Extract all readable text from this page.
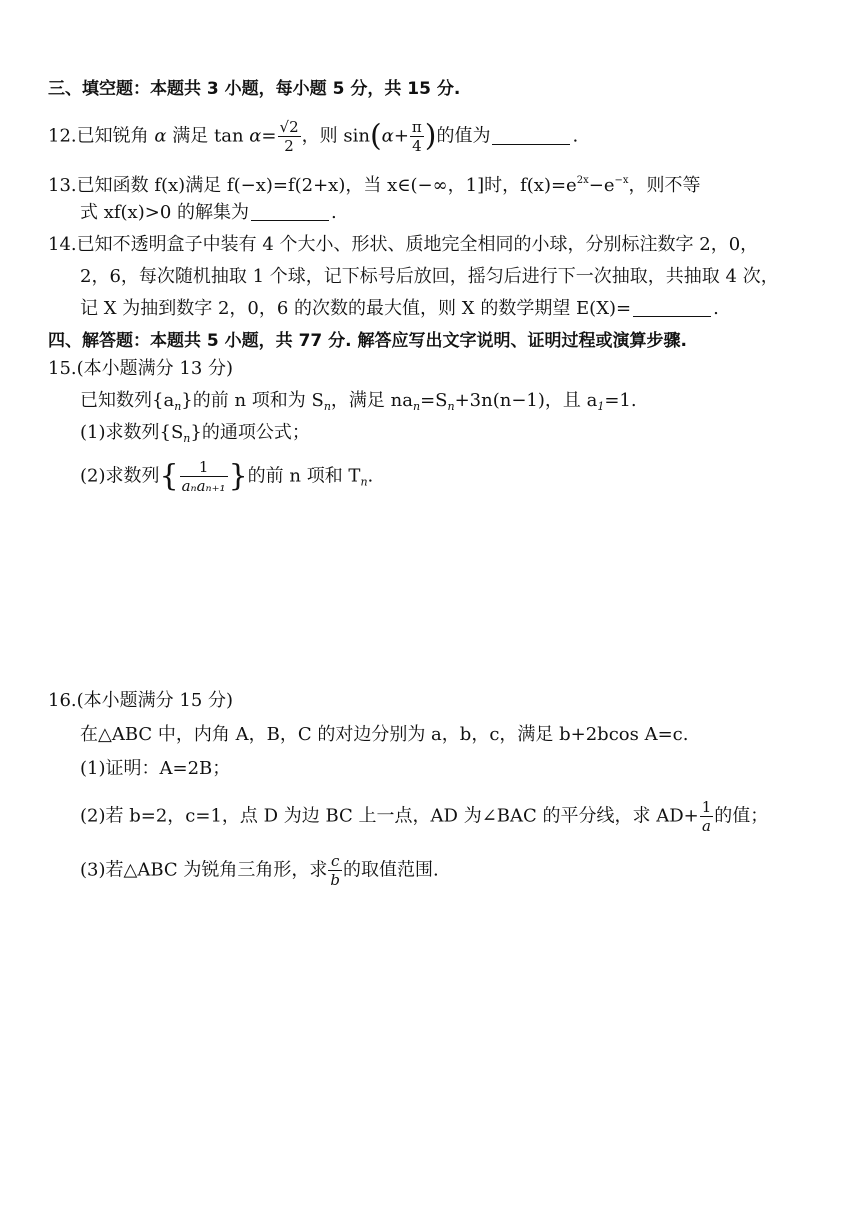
三、填空题：本题共 3 小题，每小题 5 分，共 15 分.
12.已知锐角 α 满足 $\tan \alpha= \frac{√2}{2}$ ，则 $\sin(\alpha+ \frac{\pi}{4}$ )的值为	.
13.已知函数 f(x)满足 f(−x)=f(2+x)，当 x∈(−∞，1]时，$f(x)=e^{2x}-e^{-x}$，则不等
式 xf(x)>0 的解集为	.
14.已知不透明盒子中装有 4 个大小、形状、质地完全相同的小球，分别标注数字 2，0，
2，6，每次随机抽取 1 个球，记下标号后放回，摇匀后进行下一次抽取，共抽取 4 次，
记 X 为抽到数字 2，0，6 的次数的最大值，则 X 的数学期望 E(X)=	.
四、解答题：本题共 5 小题，共 77 分. 解答应写出文字说明、证明过程或演算步骤.
15.(本小题满分 13 分)
已知数列$\{a_n\}$的前 n 项和为 $S_n$，满足 $na_n=S_n+3n(n-1)$，且 $a_1=1$.
(1)求数列$\{S_n\}$的通项公式；
(2)求数列{ $\frac{1}{\text{aₙaₙ₊₁}}$ }的前 n 项和 $T_n$.
16.(本小题满分 15 分)
在△ABC 中，内角 A，B，C 的对边分别为 a，b，c，满足 b+2bcos A=c.
(1)证明：A=2B；
(2)若 b=2，c=1，点 D 为边 BC 上一点，AD 为∠BAC 的平分线，求 $AD+ \frac{1}{a}$ 的值；
(3)若△ABC 为锐角三角形，求 $\frac{c}{b}$ 的取值范围.
